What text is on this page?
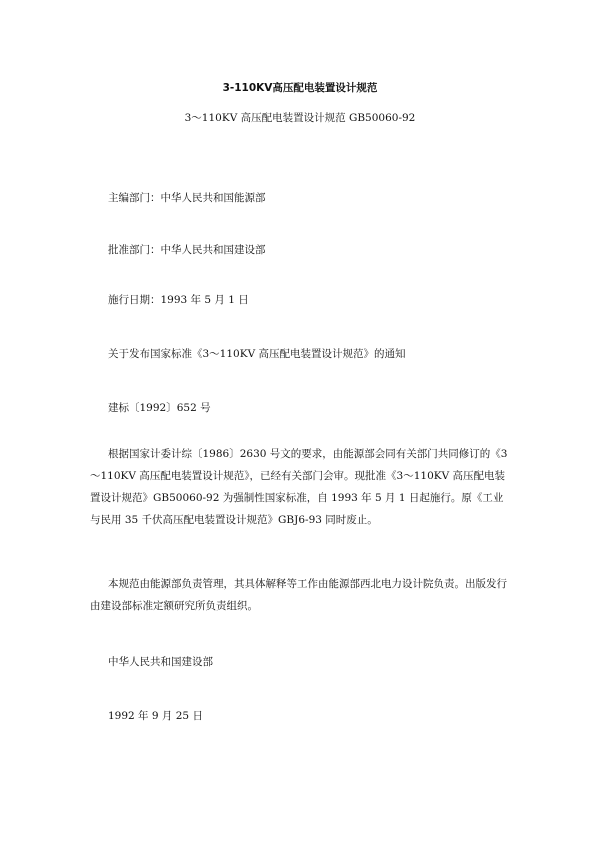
3-110KV高压配电装置设计规范
3～110KV 高压配电装置设计规范 GB50060-92

主编部门：中华人民共和国能源部

批准部门：中华人民共和国建设部

施行日期：1993 年 5 月 1 日

关于发布国家标准《3～110KV 高压配电装置设计规范》的通知

建标〔1992〕652 号

根据国家计委计综〔1986〕2630 号文的要求，由能源部会同有关部门共同修订的《3～110KV 高压配电装置设计规范》，已经有关部门会审。现批准《3～110KV 高压配电装置设计规范》GB50060-92 为强制性国家标准，自 1993 年 5 月 1 日起施行。原《工业与民用 35 千伏高压配电装置设计规范》GBJ6-93 同时废止。

本规范由能源部负责管理，其具体解释等工作由能源部西北电力设计院负责。出版发行由建设部标准定额研究所负责组织。

中华人民共和国建设部

1992 年 9 月 25 日
